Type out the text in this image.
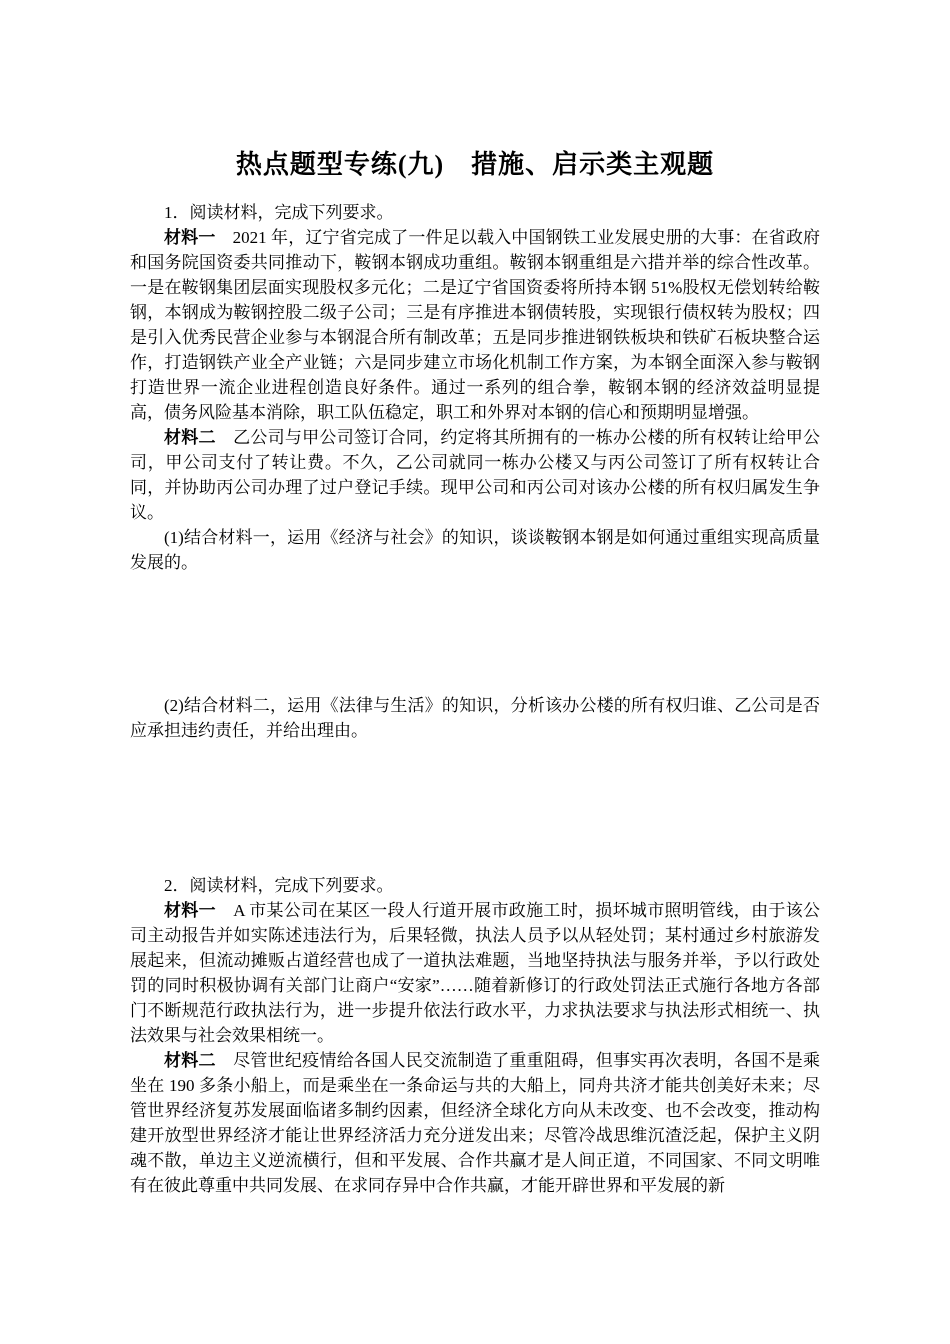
热点题型专练(九)　措施、启示类主观题

1．阅读材料，完成下列要求。

材料一　2021 年，辽宁省完成了一件足以载入中国钢铁工业发展史册的大事：在省政府和国务院国资委共同推动下，鞍钢本钢成功重组。鞍钢本钢重组是六措并举的综合性改革。一是在鞍钢集团层面实现股权多元化；二是辽宁省国资委将所持本钢 51%股权无偿划转给鞍钢，本钢成为鞍钢控股二级子公司；三是有序推进本钢债转股，实现银行债权转为股权；四是引入优秀民营企业参与本钢混合所有制改革；五是同步推进钢铁板块和铁矿石板块整合运作，打造钢铁产业全产业链；六是同步建立市场化机制工作方案，为本钢全面深入参与鞍钢打造世界一流企业进程创造良好条件。通过一系列的组合拳，鞍钢本钢的经济效益明显提高，债务风险基本消除，职工队伍稳定，职工和外界对本钢的信心和预期明显增强。

材料二　乙公司与甲公司签订合同，约定将其所拥有的一栋办公楼的所有权转让给甲公司，甲公司支付了转让费。不久，乙公司就同一栋办公楼又与丙公司签订了所有权转让合同，并协助丙公司办理了过户登记手续。现甲公司和丙公司对该办公楼的所有权归属发生争议。

(1)结合材料一，运用《经济与社会》的知识，谈谈鞍钢本钢是如何通过重组实现高质量发展的。

(2)结合材料二，运用《法律与生活》的知识，分析该办公楼的所有权归谁、乙公司是否应承担违约责任，并给出理由。

2．阅读材料，完成下列要求。

材料一　A 市某公司在某区一段人行道开展市政施工时，损坏城市照明管线，由于该公司主动报告并如实陈述违法行为，后果轻微，执法人员予以从轻处罚；某村通过乡村旅游发展起来，但流动摊贩占道经营也成了一道执法难题，当地坚持执法与服务并举，予以行政处罚的同时积极协调有关部门让商户“安家”……随着新修订的行政处罚法正式施行各地方各部门不断规范行政执法行为，进一步提升依法行政水平，力求执法要求与执法形式相统一、执法效果与社会效果相统一。

材料二　尽管世纪疫情给各国人民交流制造了重重阻碍，但事实再次表明，各国不是乘坐在 190 多条小船上，而是乘坐在一条命运与共的大船上，同舟共济才能共创美好未来；尽管世界经济复苏发展面临诸多制约因素，但经济全球化方向从未改变、也不会改变，推动构建开放型世界经济才能让世界经济活力充分迸发出来；尽管冷战思维沉渣泛起，保护主义阴魂不散，单边主义逆流横行，但和平发展、合作共赢才是人间正道，不同国家、不同文明唯有在彼此尊重中共同发展、在求同存异中合作共赢，才能开辟世界和平发展的新
